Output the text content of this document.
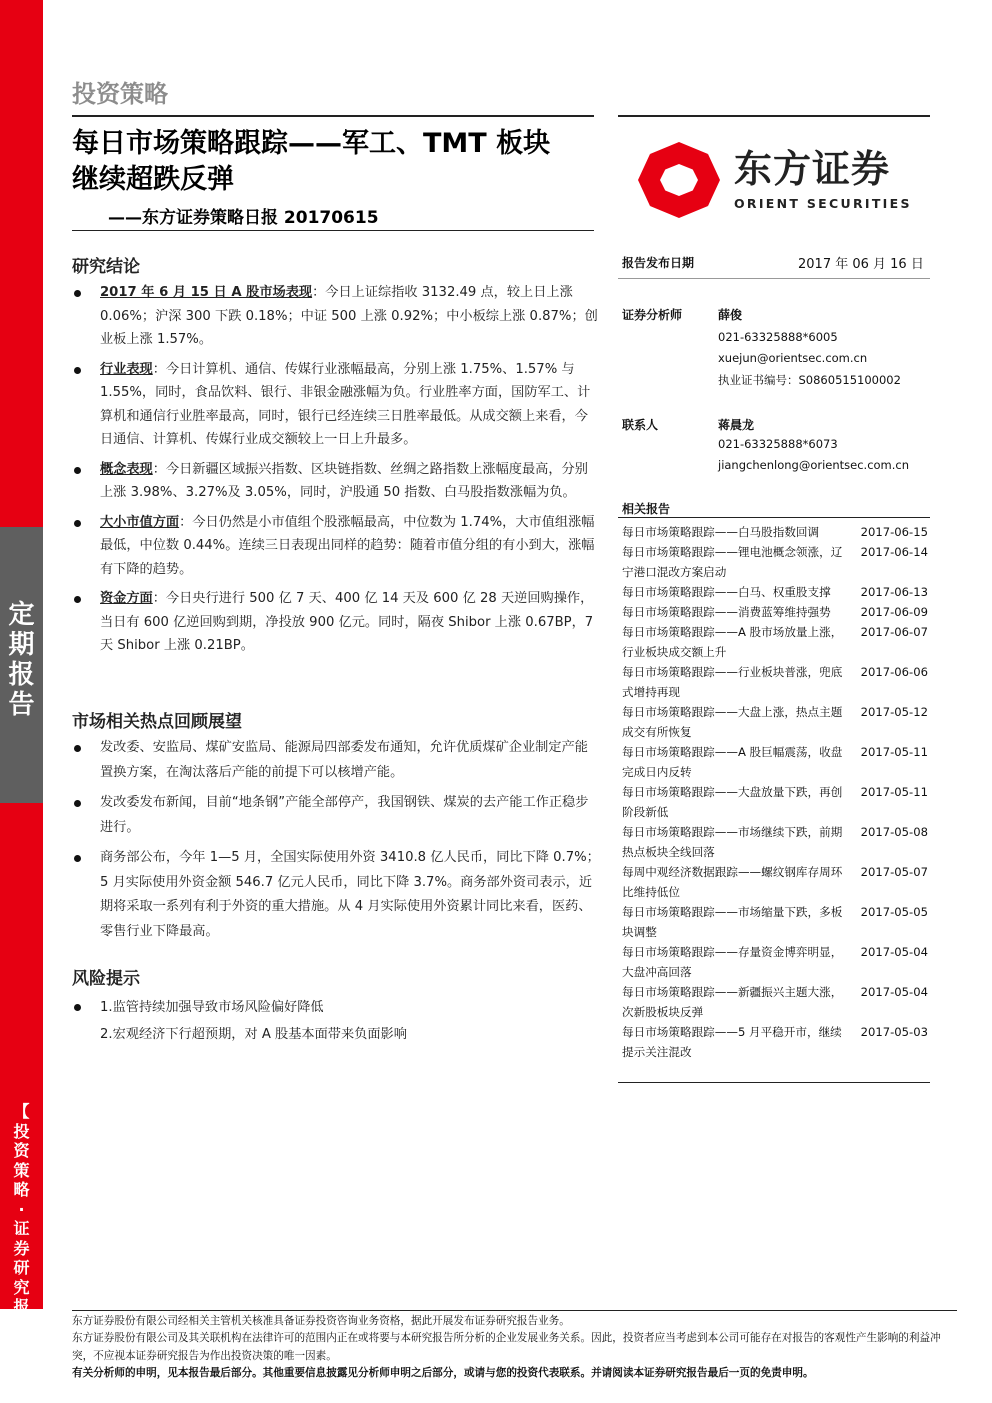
定
期
报
告
【
投
资
策
略
·
证
券
研
究
报
告
】
投资策略
每日市场策略跟踪——军工、TMT 板块
继续超跌反弹
——东方证券策略日报 20170615
东方证券
ORIENT SECURITIES
研究结论
2017 年 6 月 15 日 A 股市场表现：今日上证综指收 3132.49 点，较上日上涨 0.06%；沪深 300 下跌 0.18%；中证 500 上涨 0.92%；中小板综上涨 0.87%；创业板上涨 1.57%。
行业表现：今日计算机、通信、传媒行业涨幅最高，分别上涨 1.75%、1.57% 与 1.55%，同时，食品饮料、银行、非银金融涨幅为负。行业胜率方面，国防军工、计算机和通信行业胜率最高，同时，银行已经连续三日胜率最低。从成交额上来看，今日通信、计算机、传媒行业成交额较上一日上升最多。
概念表现：今日新疆区域振兴指数、区块链指数、丝绸之路指数上涨幅度最高，分别上涨 3.98%、3.27%及 3.05%，同时，沪股通 50 指数、白马股指数涨幅为负。
大小市值方面：今日仍然是小市值组个股涨幅最高，中位数为 1.74%，大市值组涨幅最低，中位数 0.44%。连续三日表现出同样的趋势：随着市值分组的有小到大，涨幅有下降的趋势。
资金方面：今日央行进行 500 亿 7 天、400 亿 14 天及 600 亿 28 天逆回购操作，当日有 600 亿逆回购到期，净投放 900 亿元。同时，隔夜 Shibor 上涨 0.67BP，7 天 Shibor 上涨 0.21BP。
市场相关热点回顾展望
发改委、安监局、煤矿安监局、能源局四部委发布通知，允许优质煤矿企业制定产能置换方案，在淘汰落后产能的前提下可以核增产能。
发改委发布新闻，目前“地条钢”产能全部停产，我国钢铁、煤炭的去产能工作正稳步进行。
商务部公布，今年 1—5 月，全国实际使用外资 3410.8 亿人民币，同比下降 0.7%；5 月实际使用外资金额 546.7 亿元人民币，同比下降 3.7%。商务部外资司表示，近期将采取一系列有利于外资的重大措施。从 4 月实际使用外资累计同比来看，医药、零售行业下降最高。
风险提示
1.监管持续加强导致市场风险偏好降低
2.宏观经济下行超预期，对 A 股基本面带来负面影响
报告发布日期	2017 年 06 月 16 日
证券分析师	薛俊
021-63325888*6005
xuejun@orientsec.com.cn
执业证书编号：S0860515100002
联系人	蒋晨龙
021-63325888*6073
jiangchenlong@orientsec.com.cn
相关报告
每日市场策略跟踪——白马股指数回调	2017-06-15
每日市场策略跟踪——锂电池概念领涨，辽宁港口混改方案启动
2017-06-14
每日市场策略跟踪——白马、权重股支撑	2017-06-13
每日市场策略跟踪——消费蓝筹维持强势	2017-06-09
每日市场策略跟踪——A 股市场放量上涨，行业板块成交额上升
2017-06-07
每日市场策略跟踪——行业板块普涨，兜底式增持再现
2017-06-06
每日市场策略跟踪——大盘上涨，热点主题成交有所恢复
2017-05-12
每日市场策略跟踪——A 股巨幅震荡，收盘完成日内反转
2017-05-11
每日市场策略跟踪——大盘放量下跌，再创阶段新低
2017-05-11
每日市场策略跟踪——市场继续下跌，前期热点板块全线回落
2017-05-08
每周中观经济数据跟踪——螺纹钢库存周环比维持低位
2017-05-07
每日市场策略跟踪——市场缩量下跌，多板块调整
2017-05-05
每日市场策略跟踪——存量资金博弈明显，大盘冲高回落
2017-05-04
每日市场策略跟踪——新疆振兴主题大涨，次新股板块反弹
2017-05-04
每日市场策略跟踪——5 月平稳开市，继续提示关注混改
2017-05-03
东方证券股份有限公司经相关主管机关核准具备证券投资咨询业务资格，据此开展发布证券研究报告业务。
东方证券股份有限公司及其关联机构在法律许可的范围内正在或将要与本研究报告所分析的企业发展业务关系。因此，投资者应当考虑到本公司可能存在对报告的客观性产生影响的利益冲突，不应视本证券研究报告为作出投资决策的唯一因素。
有关分析师的申明，见本报告最后部分。其他重要信息披露见分析师申明之后部分，或请与您的投资代表联系。并请阅读本证券研究报告最后一页的免责申明。
